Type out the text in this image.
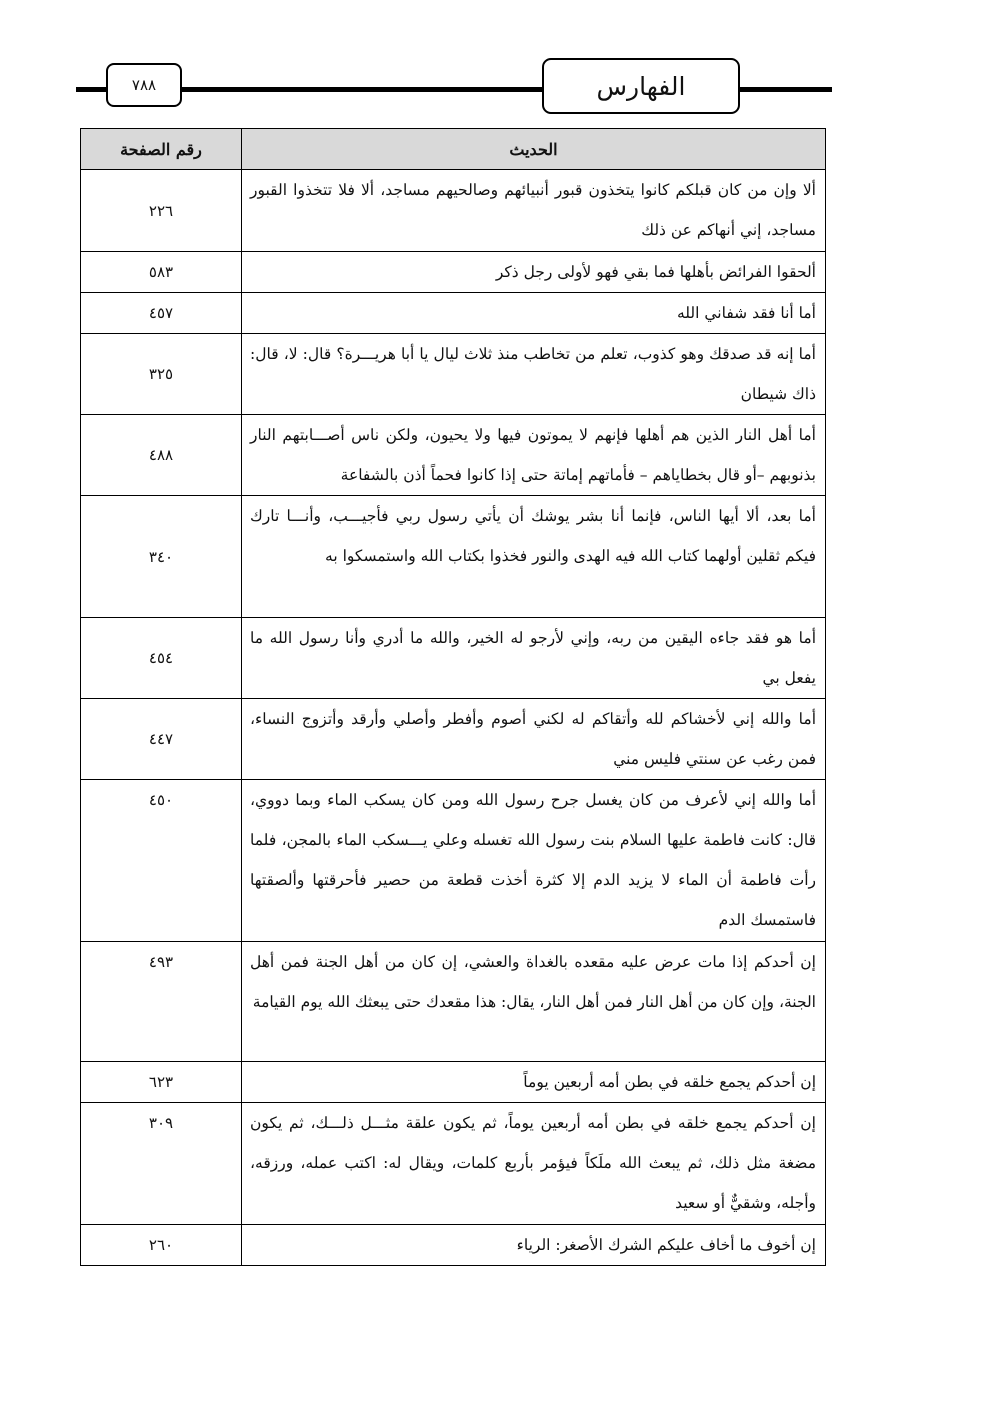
٧٨٨	الفهارس
الحديث	رقم الصفحة
ألا وإن من كان قبلكم كانوا يتخذون قبور أنبيائهم وصالحيهم مساجد، ألا فلا تتخذوا القبور مساجد، إني أنهاكم عن ذلك	٢٢٦
ألحقوا الفرائض بأهلها فما بقي فهو لأولى رجل ذكر	٥٨٣
أما أنا فقد شفاني الله	٤٥٧
أما إنه قد صدقك وهو كذوب، تعلم من تخاطب منذ ثلاث ليال يا أبا هريـــرة؟ قال: لا، قال: ذاك شيطان	٣٢٥
أما أهل النار الذين هم أهلها فإنهم لا يموتون فيها ولا يحيون، ولكن ناس أصـــابتهم النار بذنوبهم –أو قال بخطاياهم – فأماتهم إماتة حتى إذا كانوا فحماً أذن بالشفاعة	٤٨٨
أما بعد، ألا أيها الناس، فإنما أنا بشر يوشك أن يأتي رسول ربي فأجيـــب، وأنـــا تارك فيكم ثقلين أولهما كتاب الله فيه الهدى والنور فخذوا بكتاب الله واستمسكوا به	٣٤٠
أما هو فقد جاءه اليقين من ربه، وإني لأرجو له الخير، والله ما أدري وأنا رسول الله ما يفعل بي	٤٥٤
أما والله إني لأخشاكم لله وأتقاكم له لكني أصوم وأفطر وأصلي وأرقد وأتزوج النساء، فمن رغب عن سنتي فليس مني	٤٤٧
أما والله إني لأعرف من كان يغسل جرح رسول الله ومن كان يسكب الماء وبما دووي، قال: كانت فاطمة عليها السلام بنت رسول الله تغسله وعلي يـــسكب الماء بالمجن، فلما رأت فاطمة أن الماء لا يزيد الدم إلا كثرة أخذت قطعة من حصير فأحرقتها وألصقتها فاستمسك الدم	٤٥٠
إن أحدكم إذا مات عرض عليه مقعده بالغداة والعشي، إن كان من أهل الجنة فمن أهل الجنة، وإن كان من أهل النار فمن أهل النار، يقال: هذا مقعدك حتى يبعثك الله يوم القيامة	٤٩٣
إن أحدكم يجمع خلقه في بطن أمه أربعين يوماً	٦٢٣
إن أحدكم يجمع خلقه في بطن أمه أربعين يوماً، ثم يكون علقة مثـــل ذلـــك، ثم يكون مضغة مثل ذلك، ثم يبعث الله ملَكاً فيؤمر بأربع كلمات، ويقال له: اكتب عمله، ورزقه، وأجله، وشقيٌّ أو سعيد	٣٠٩
إن أخوف ما أخاف عليكم الشرك الأصغر: الرياء	٢٦٠
